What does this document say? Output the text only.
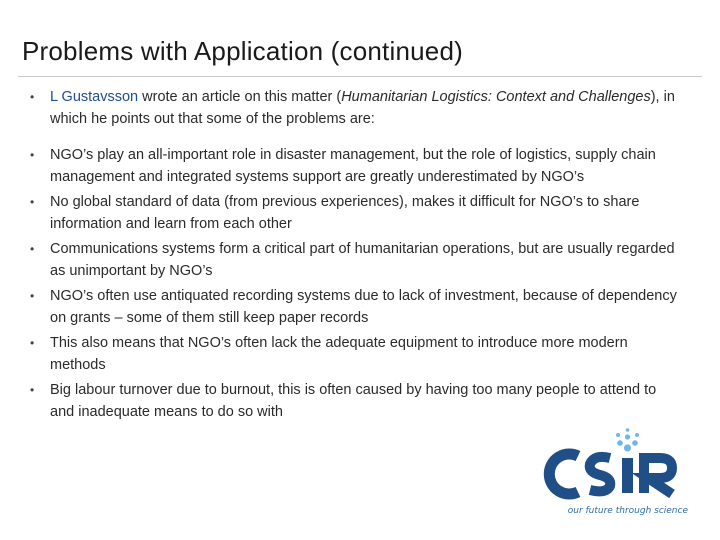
Problems with Application (continued)
•	L Gustavsson wrote an article on this matter (Humanitarian Logistics: Context and Challenges), in which he points out that some of the problems are:
•	NGO’s play an all-important role in disaster management, but the role of logistics, supply chain management and integrated systems support are greatly underestimated by NGO’s
•	No global standard of data (from previous experiences), makes it difficult for NGO’s to share information and learn from each other
•	Communications systems form a critical part of humanitarian operations, but are usually regarded as unimportant by NGO’s
•	NGO’s often use antiquated recording systems due to lack of investment, because of dependency on grants – some of them still keep paper records
•	This also means that NGO’s often lack the adequate equipment to introduce more modern methods
•	Big labour turnover due to burnout, this is often caused by having too many people to attend to and inadequate means to do so with
our future through science
